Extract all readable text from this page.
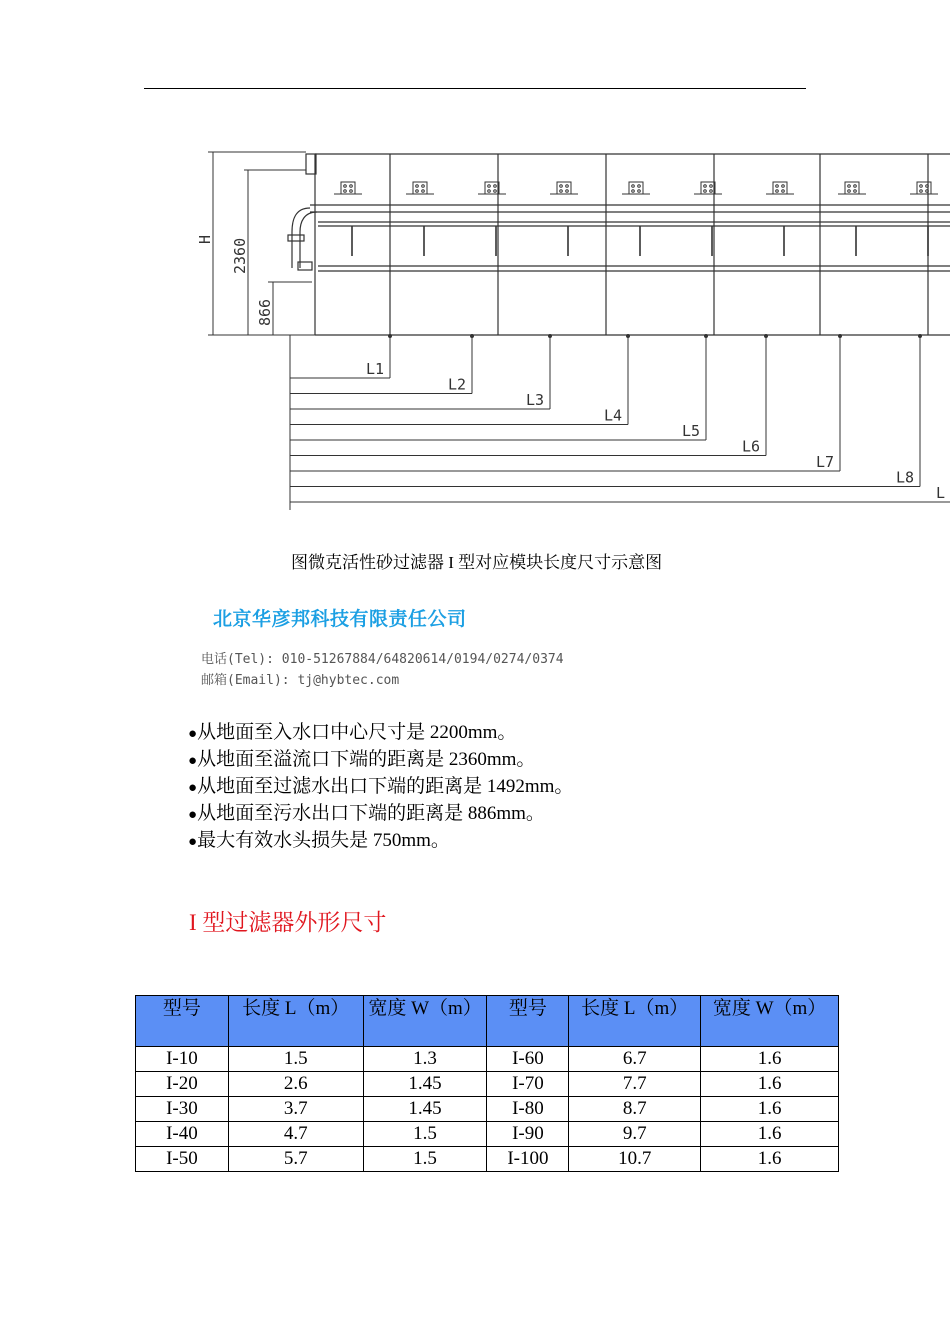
H 2360
866
L1
L2
L3
L4
L5
L6
L7
L8
L
图微克活性砂过滤器 I 型对应模块长度尺寸示意图
北京华彦邦科技有限责任公司
电话(Tel): 010-51267884/64820614/0194/0274/0374
邮箱(Email): tj@hybtec.com
● 从地面至入水口中心尺寸是 2200mm。
● 从地面至溢流口下端的距离是 2360mm。
● 从地面至过滤水出口下端的距离是 1492mm。
● 从地面至污水出口下端的距离是 886mm。
● 最大有效水头损失是 750mm。
I 型过滤器外形尺寸
型号	长度 L（m）	宽度 W（m）	型号	长度 L（m）	宽度 W（m）
I-10	1.5	1.3	I-60	6.7	1.6
I-20	2.6	1.45	I-70	7.7	1.6
I-30	3.7	1.45	I-80	8.7	1.6
I-40	4.7	1.5	I-90	9.7	1.6
I-50	5.7	1.5	I-100	10.7	1.6
